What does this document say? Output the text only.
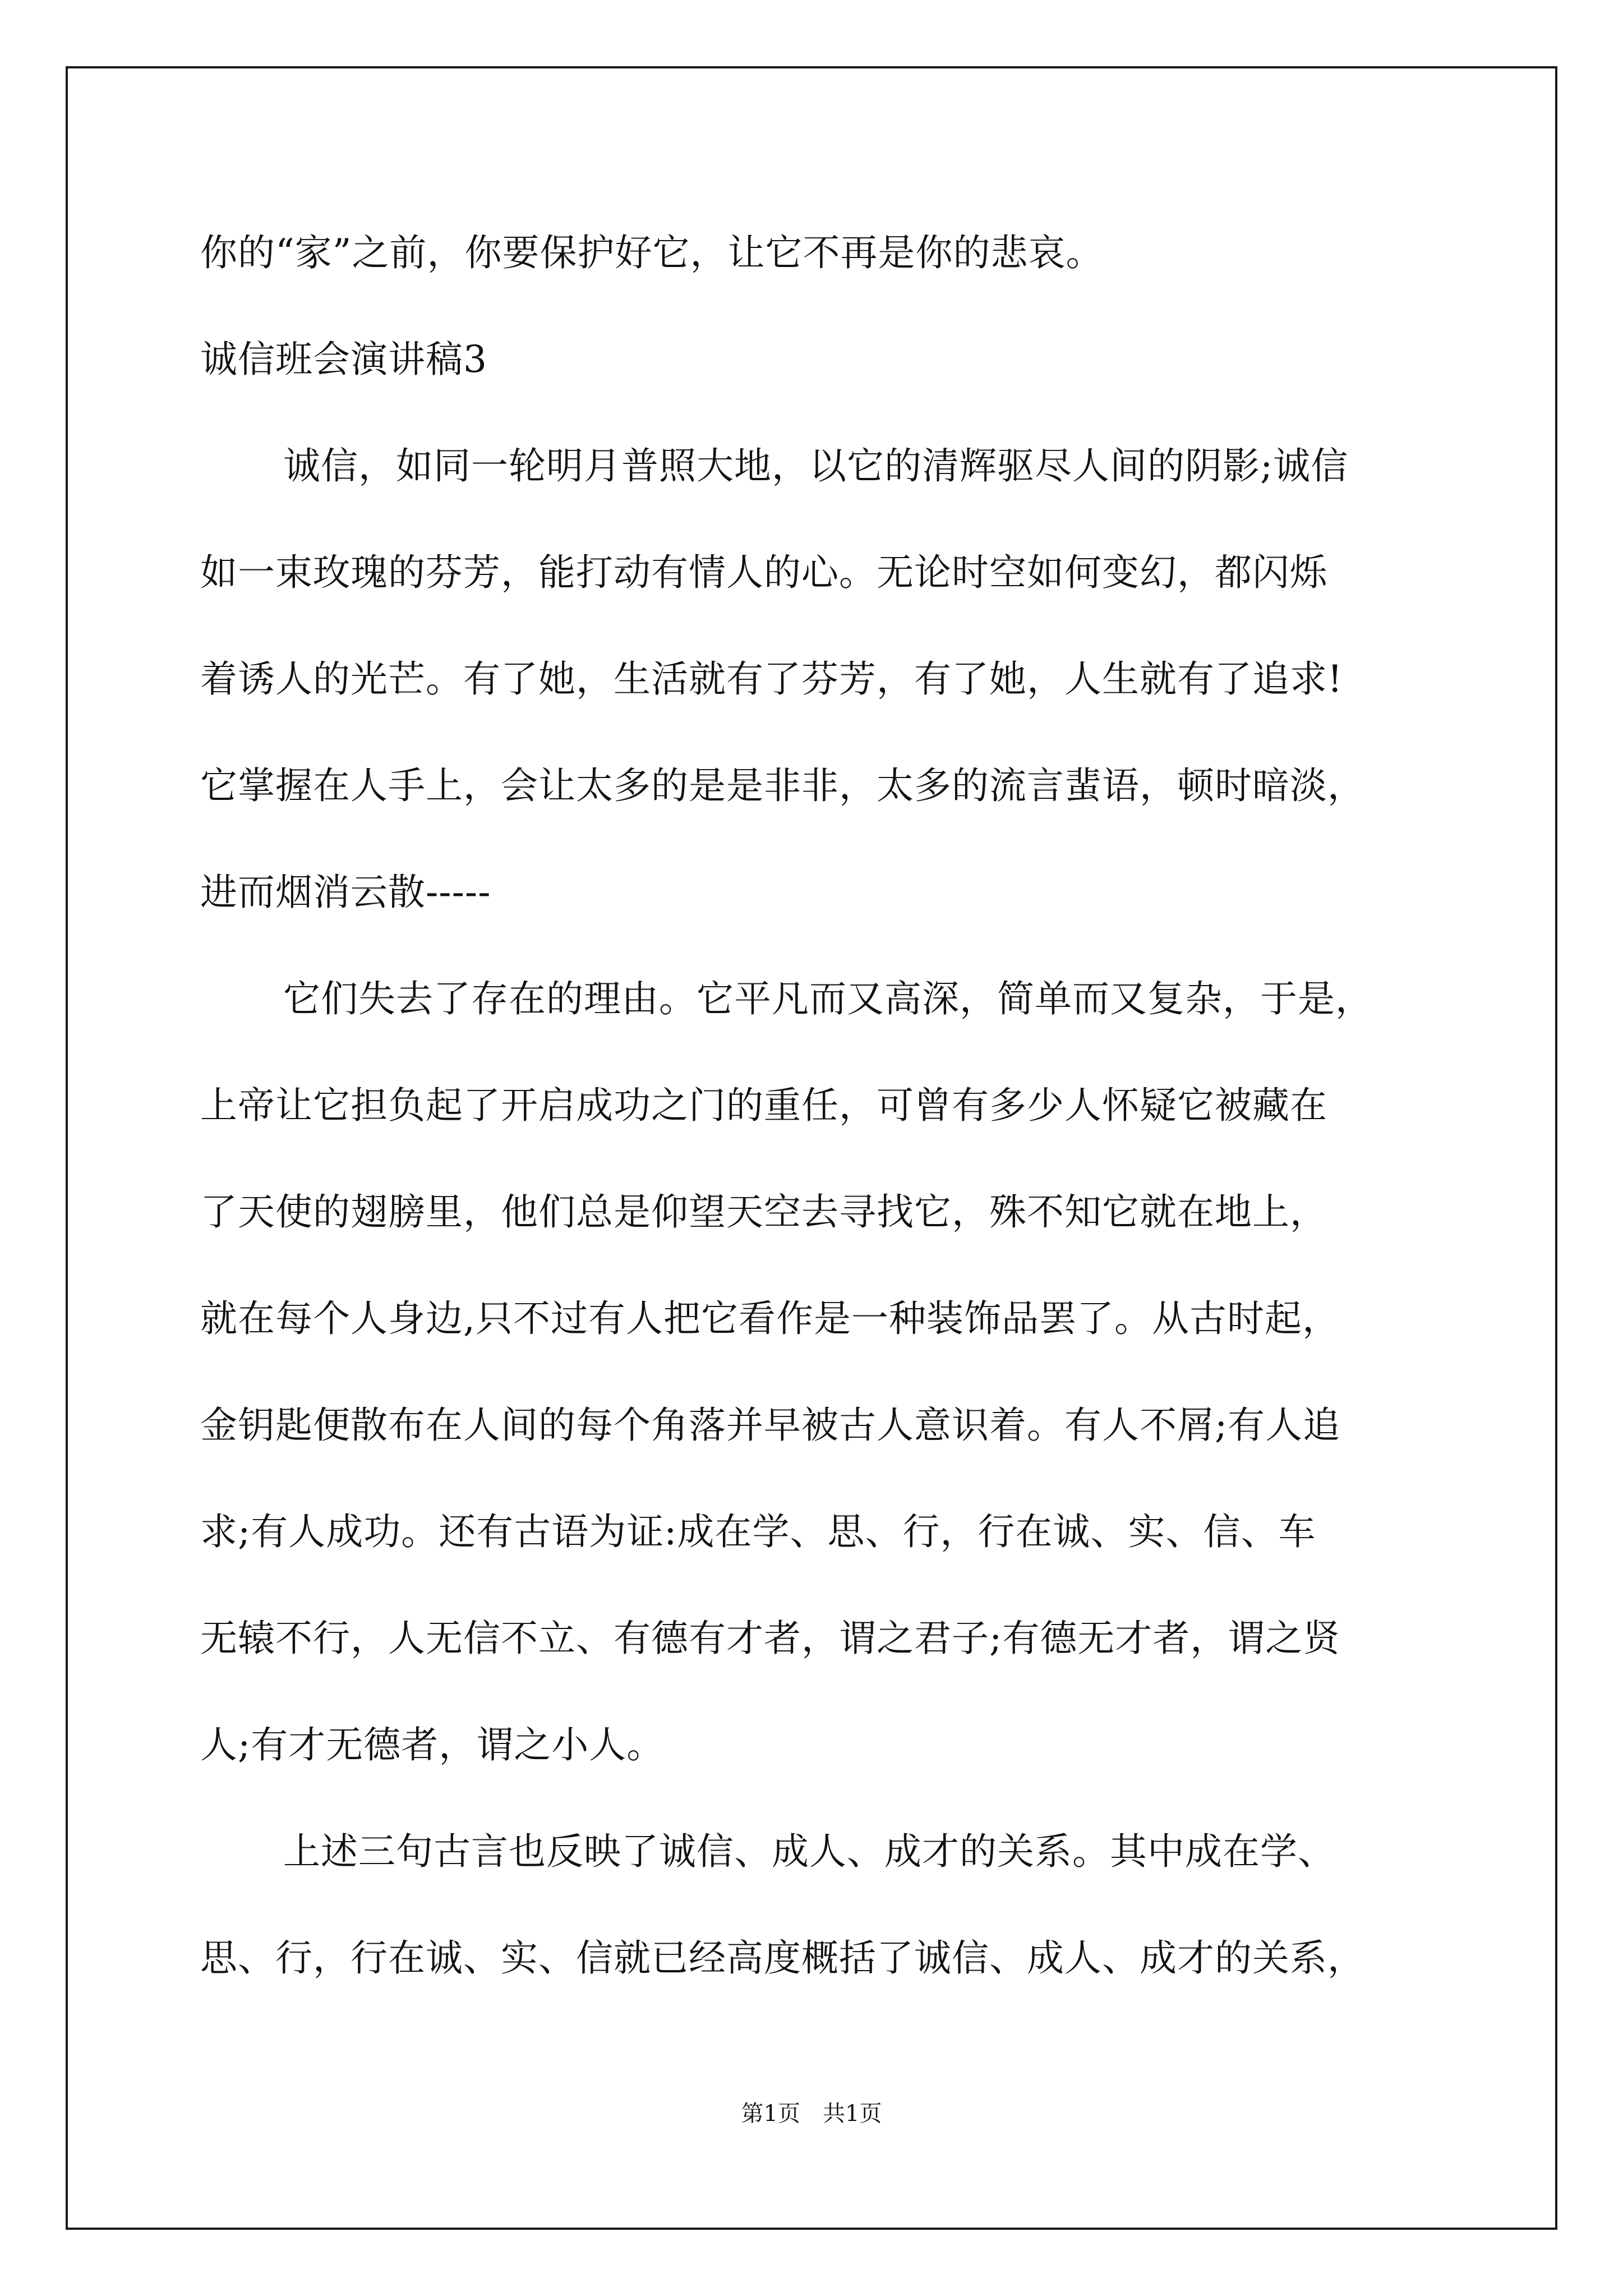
你的“家”之前，你要保护好它，让它不再是你的悲哀。
诚信班会演讲稿3
诚信，如同一轮明月普照大地，以它的清辉驱尽人间的阴影;诚信
如一束玫瑰的芬芳，能打动有情人的心。无论时空如何变幻，都闪烁
着诱人的光芒。有了她，生活就有了芬芳，有了她，人生就有了追求!
它掌握在人手上，会让太多的是是非非，太多的流言蜚语，顿时暗淡，
进而烟消云散-----
它们失去了存在的理由。它平凡而又高深，简单而又复杂，于是，
上帝让它担负起了开启成功之门的重任，可曾有多少人怀疑它被藏在
了天使的翅膀里，他们总是仰望天空去寻找它，殊不知它就在地上，
就在每个人身边,只不过有人把它看作是一种装饰品罢了。从古时起，
金钥匙便散布在人间的每个角落并早被古人意识着。有人不屑;有人追
求;有人成功。还有古语为证:成在学、思、行，行在诚、实、信、车
无辕不行，人无信不立、有德有才者，谓之君子;有德无才者，谓之贤
人;有才无德者，谓之小人。
上述三句古言也反映了诚信、成人、成才的关系。其中成在学、
思、行，行在诚、实、信就已经高度概括了诚信、成人、成才的关系，
第1页　共1页
